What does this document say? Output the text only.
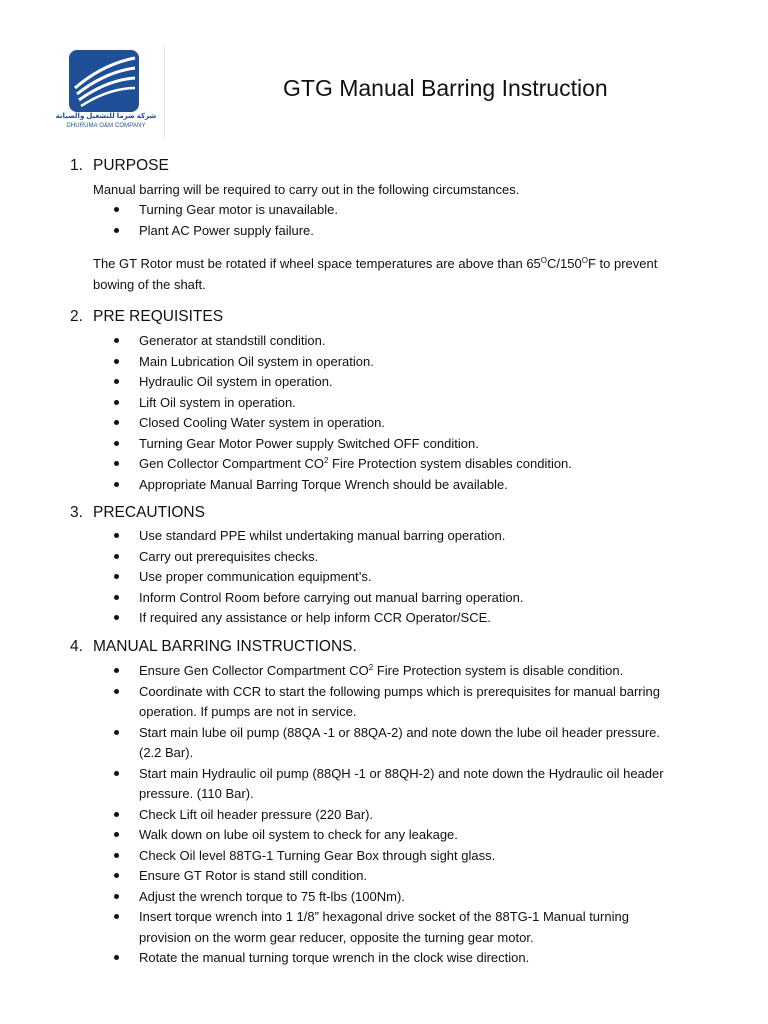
شركة ضرما للتشغيل والصيانة
DHURUMA O&M COMPANY
GTG Manual Barring Instruction
1. PURPOSE
Manual barring will be required to carry out in the following circumstances.
Turning Gear motor is unavailable.
Plant AC Power supply failure.
The GT Rotor must be rotated if wheel space temperatures are above than $65^OC/150^OF$ to prevent
bowing of the shaft.
2. PRE REQUISITES
Generator at standstill condition.
Main Lubrication Oil system in operation.
Hydraulic Oil system in operation.
Lift Oil system in operation.
Closed Cooling Water system in operation.
Turning Gear Motor Power supply Switched OFF condition.
Gen Collector Compartment $CO^2$ Fire Protection system disables condition.
Appropriate Manual Barring Torque Wrench should be available.
3. PRECAUTIONS
Use standard PPE whilst undertaking manual barring operation.
Carry out prerequisites checks.
Use proper communication equipment’s.
Inform Control Room before carrying out manual barring operation.
If required any assistance or help inform CCR Operator/SCE.
4. MANUAL BARRING INSTRUCTIONS.
Ensure Gen Collector Compartment $CO^2$ Fire Protection system is disable condition.
Coordinate with CCR to start the following pumps which is prerequisites for manual barring
operation. If pumps are not in service.
Start main lube oil pump (88QA -1 or 88QA-2) and note down the lube oil header pressure.
(2.2 Bar).
Start main Hydraulic oil pump (88QH -1 or 88QH-2) and note down the Hydraulic oil header
pressure. (110 Bar).
Check Lift oil header pressure (220 Bar).
Walk down on lube oil system to check for any leakage.
Check Oil level 88TG-1 Turning Gear Box through sight glass.
Ensure GT Rotor is stand still condition.
Adjust the wrench torque to 75 ft-lbs (100Nm).
Insert torque wrench into 1 1/8” hexagonal drive socket of the 88TG-1 Manual turning
provision on the worm gear reducer, opposite the turning gear motor.
Rotate the manual turning torque wrench in the clock wise direction.
